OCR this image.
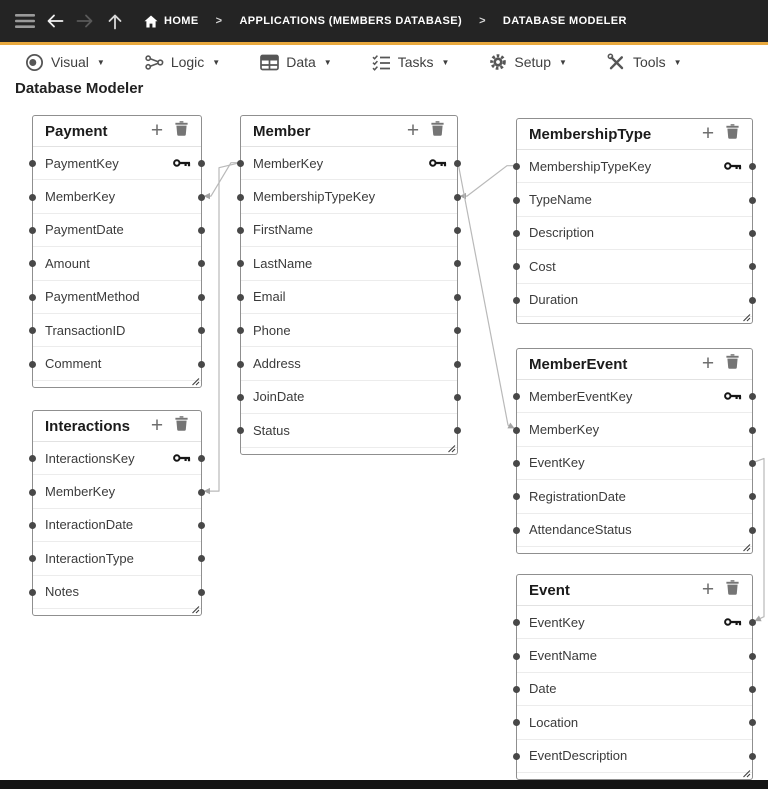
HOME > APPLICATIONS (MEMBERS DATABASE) > DATABASE MODELER
Visual ▼	Logic ▼	Data ▼	Tasks ▼	Setup ▼	Tools ▼
Database Modeler
Payment	+
PaymentKey
MemberKey
PaymentDate
Amount
PaymentMethod
TransactionID
Comment
Interactions +
InteractionsKey
MemberKey
InteractionDate
InteractionType
Notes
Member	+
MemberKey
MembershipTypeKey
FirstName
LastName
Email
Phone
Address
JoinDate
Status
MembershipType	+
MembershipTypeKey
TypeName
Description
Cost
Duration
MemberEvent	+
MemberEventKey
MemberKey
EventKey
RegistrationDate
AttendanceStatus
Event	+
EventKey
EventName
Date
Location
EventDescription
